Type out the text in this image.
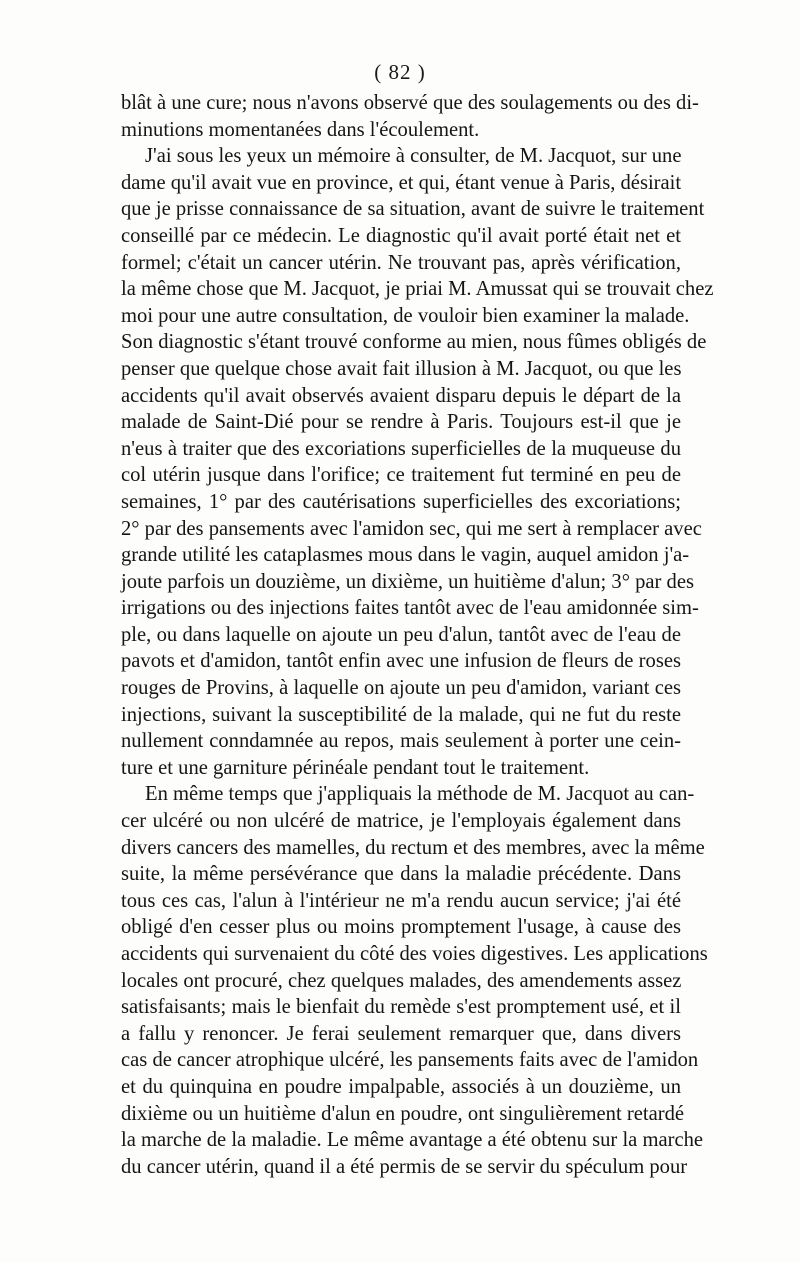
( 82 )

blât à une cure; nous n'avons observé que des soulagements ou des di-
minutions momentanées dans l'écoulement.

J'ai sous les yeux un mémoire à consulter, de M. Jacquot, sur une
dame qu'il avait vue en province, et qui, étant venue à Paris, désirait
que je prisse connaissance de sa situation, avant de suivre le traitement
conseillé par ce médecin. Le diagnostic qu'il avait porté était net et
formel; c'était un cancer utérin. Ne trouvant pas, après vérification,
la même chose que M. Jacquot, je priai M. Amussat qui se trouvait chez
moi pour une autre consultation, de vouloir bien examiner la malade.
Son diagnostic s'étant trouvé conforme au mien, nous fûmes obligés de
penser que quelque chose avait fait illusion à M. Jacquot, ou que les
accidents qu'il avait observés avaient disparu depuis le départ de la
malade de Saint-Dié pour se rendre à Paris. Toujours est-il que je
n'eus à traiter que des excoriations superficielles de la muqueuse du
col utérin jusque dans l'orifice; ce traitement fut terminé en peu de
semaines, 1° par des cautérisations superficielles des excoriations;
2° par des pansements avec l'amidon sec, qui me sert à remplacer avec
grande utilité les cataplasmes mous dans le vagin, auquel amidon j'a-
joute parfois un douzième, un dixième, un huitième d'alun; 3° par des
irrigations ou des injections faites tantôt avec de l'eau amidonnée sim-
ple, ou dans laquelle on ajoute un peu d'alun, tantôt avec de l'eau de
pavots et d'amidon, tantôt enfin avec une infusion de fleurs de roses
rouges de Provins, à laquelle on ajoute un peu d'amidon, variant ces
injections, suivant la susceptibilité de la malade, qui ne fut du reste
nullement conndamnée au repos, mais seulement à porter une cein-
ture et une garniture périnéale pendant tout le traitement.

En même temps que j'appliquais la méthode de M. Jacquot au can-
cer ulcéré ou non ulcéré de matrice, je l'employais également dans
divers cancers des mamelles, du rectum et des membres, avec la même
suite, la même persévérance que dans la maladie précédente. Dans
tous ces cas, l'alun à l'intérieur ne m'a rendu aucun service; j'ai été
obligé d'en cesser plus ou moins promptement l'usage, à cause des
accidents qui survenaient du côté des voies digestives. Les applications
locales ont procuré, chez quelques malades, des amendements assez
satisfaisants; mais le bienfait du remède s'est promptement usé, et il
a fallu y renoncer. Je ferai seulement remarquer que, dans divers
cas de cancer atrophique ulcéré, les pansements faits avec de l'amidon
et du quinquina en poudre impalpable, associés à un douzième, un
dixième ou un huitième d'alun en poudre, ont singulièrement retardé
la marche de la maladie. Le même avantage a été obtenu sur la marche
du cancer utérin, quand il a été permis de se servir du spéculum pour
